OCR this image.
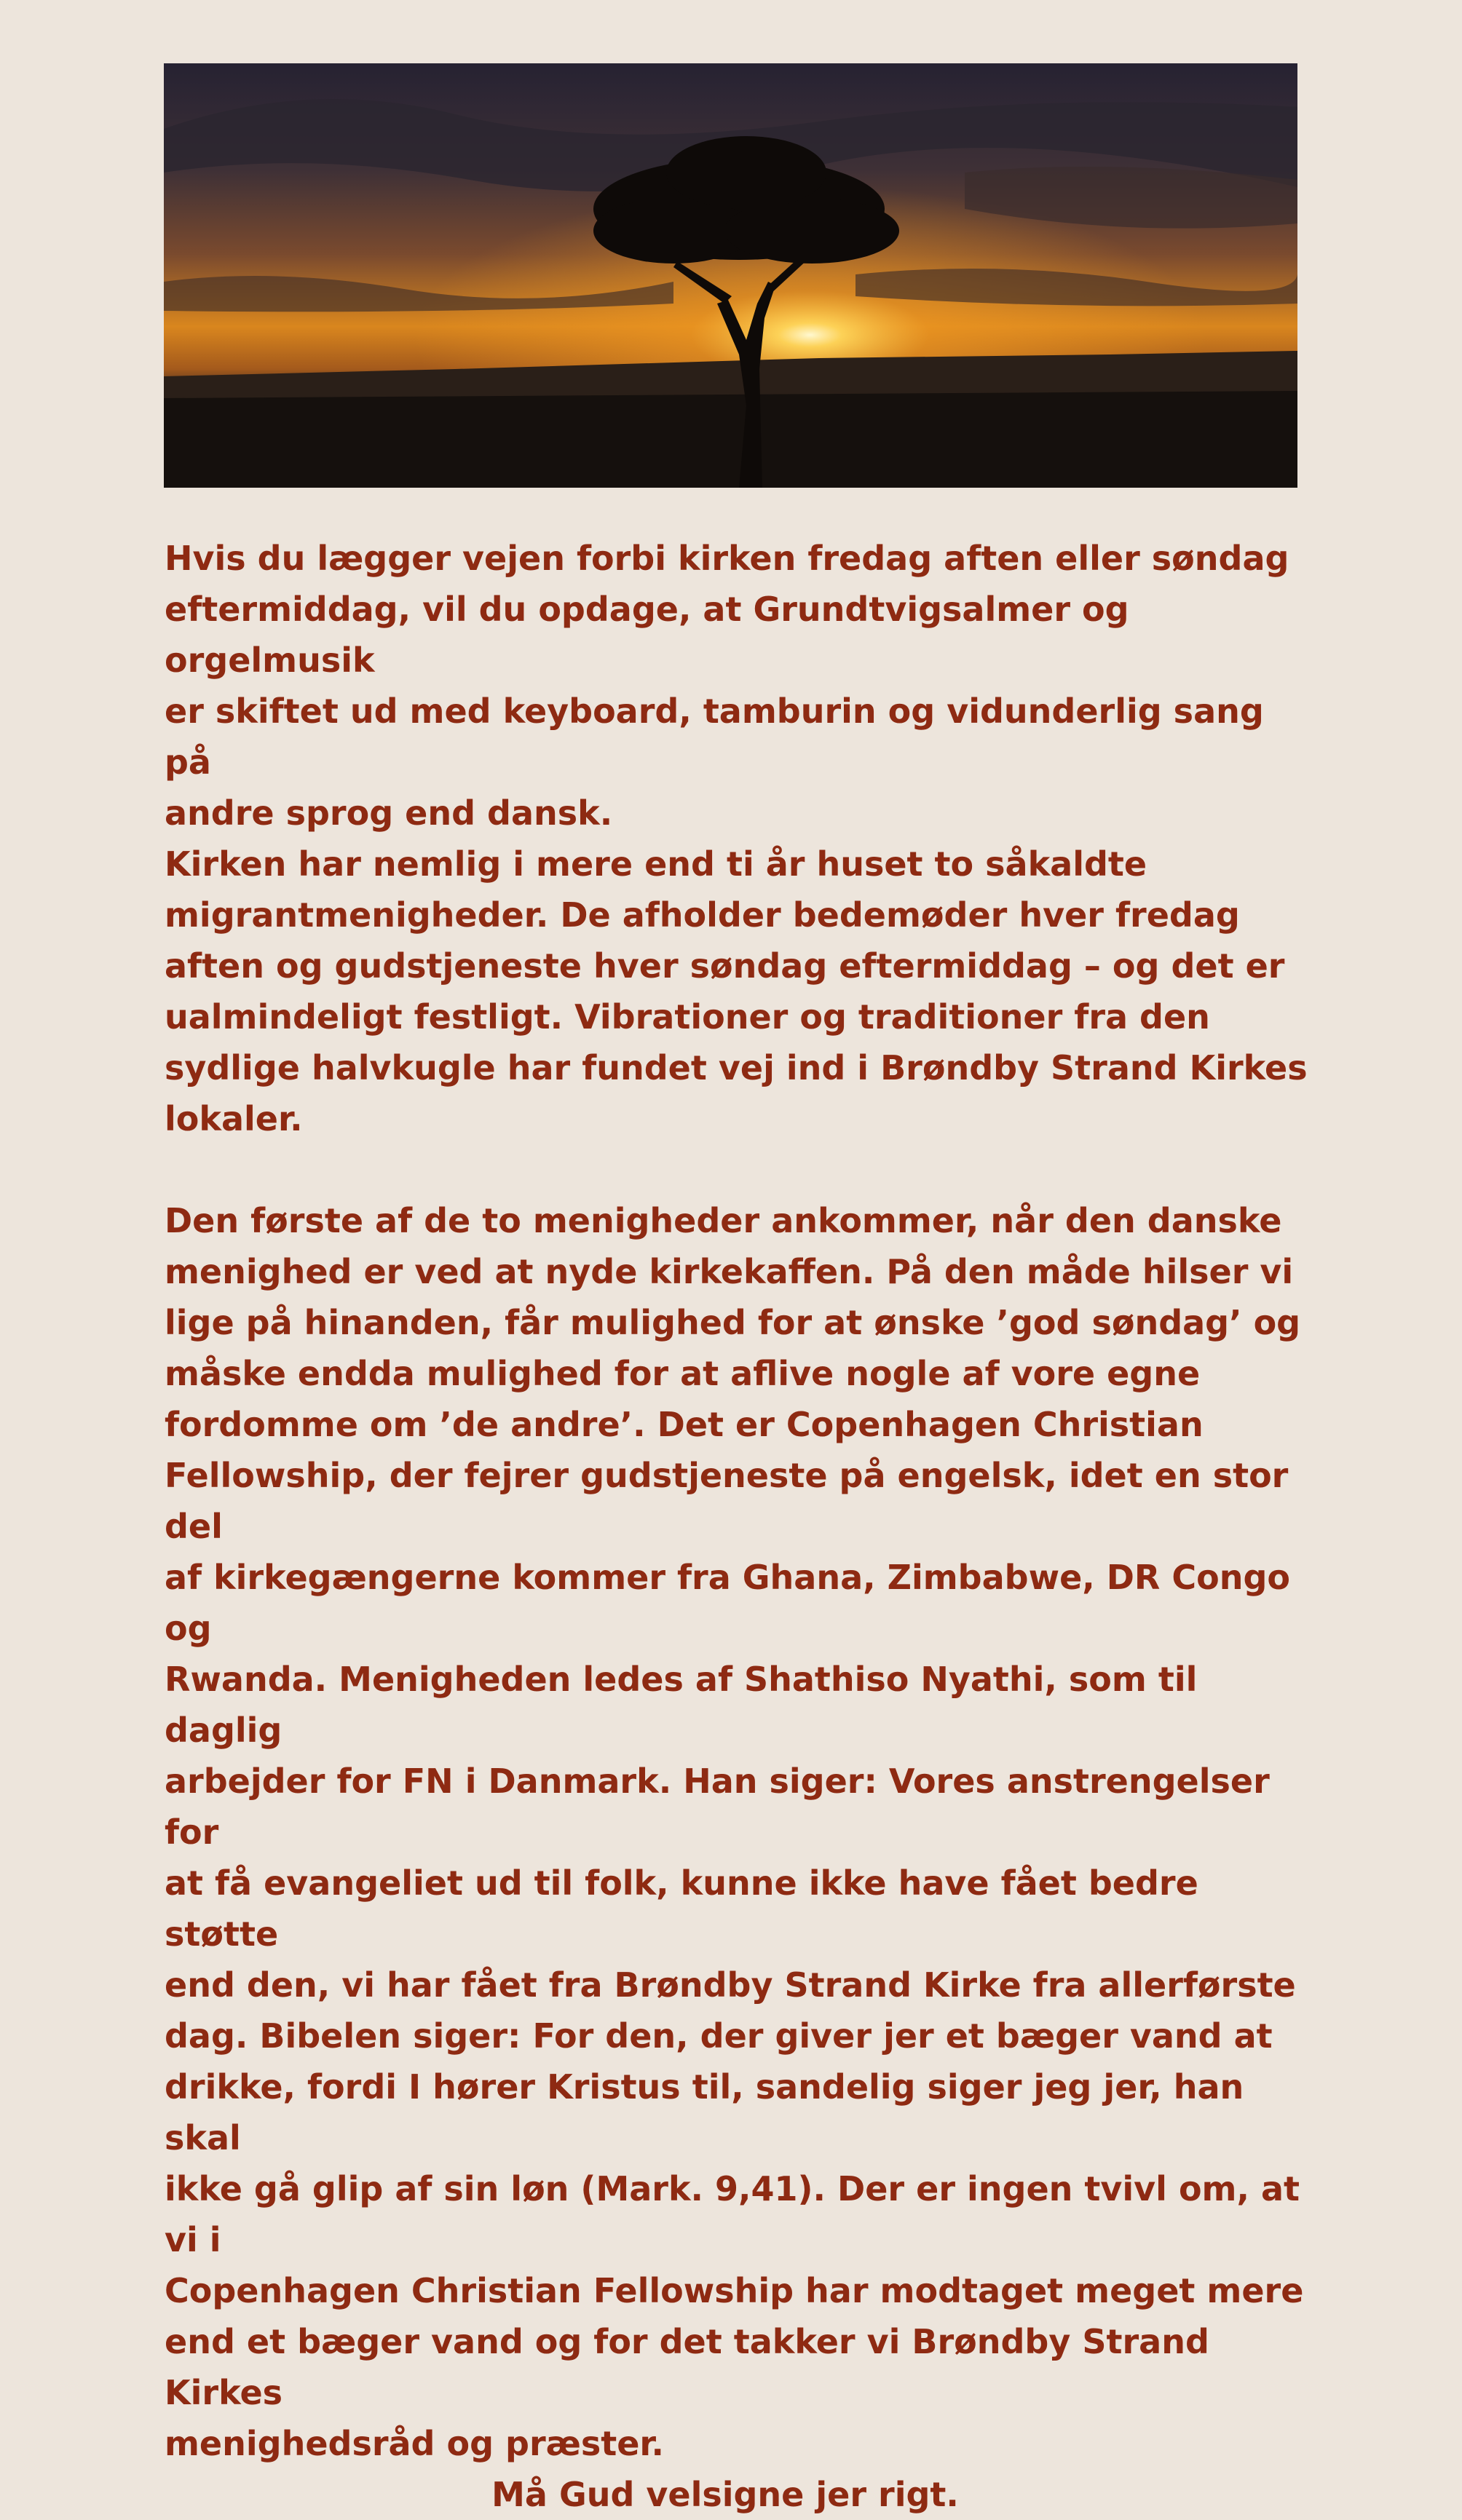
Hvis du lægger vejen forbi kirken fredag aften eller søndag
eftermiddag, vil du opdage, at Grundtvigsalmer og orgelmusik
er skiftet ud med keyboard, tamburin og vidunderlig sang på
andre sprog end dansk.

Kirken har nemlig i mere end ti år huset to såkaldte
migrantmenigheder. De afholder bedemøder hver fredag
aften og gudstjeneste hver søndag eftermiddag – og det er
ualmindeligt festligt. Vibrationer og traditioner fra den
sydlige halvkugle har fundet vej ind i Brøndby Strand Kirkes
lokaler.

Den første af de to menigheder ankommer, når den danske
menighed er ved at nyde kirkekaffen. På den måde hilser vi
lige på hinanden, får mulighed for at ønske ’god søndag’ og
måske endda mulighed for at aflive nogle af vore egne
fordomme om ’de andre’. Det er Copenhagen Christian
Fellowship, der fejrer gudstjeneste på engelsk, idet en stor del
af kirkegængerne kommer fra Ghana, Zimbabwe, DR Congo og
Rwanda. Menigheden ledes af Shathiso Nyathi, som til daglig
arbejder for FN i Danmark. Han siger: Vores anstrengelser for
at få evangeliet ud til folk, kunne ikke have fået bedre støtte
end den, vi har fået fra Brøndby Strand Kirke fra allerførste
dag. Bibelen siger: For den, der giver jer et bæger vand at
drikke, fordi I hører Kristus til, sandelig siger jeg jer, han skal
ikke gå glip af sin løn (Mark. 9,41). Der er ingen tvivl om, at vi i
Copenhagen Christian Fellowship har modtaget meget mere
end et bæger vand og for det takker vi Brøndby Strand Kirkes
menighedsråd og præster.

Må Gud velsigne jer rigt.
